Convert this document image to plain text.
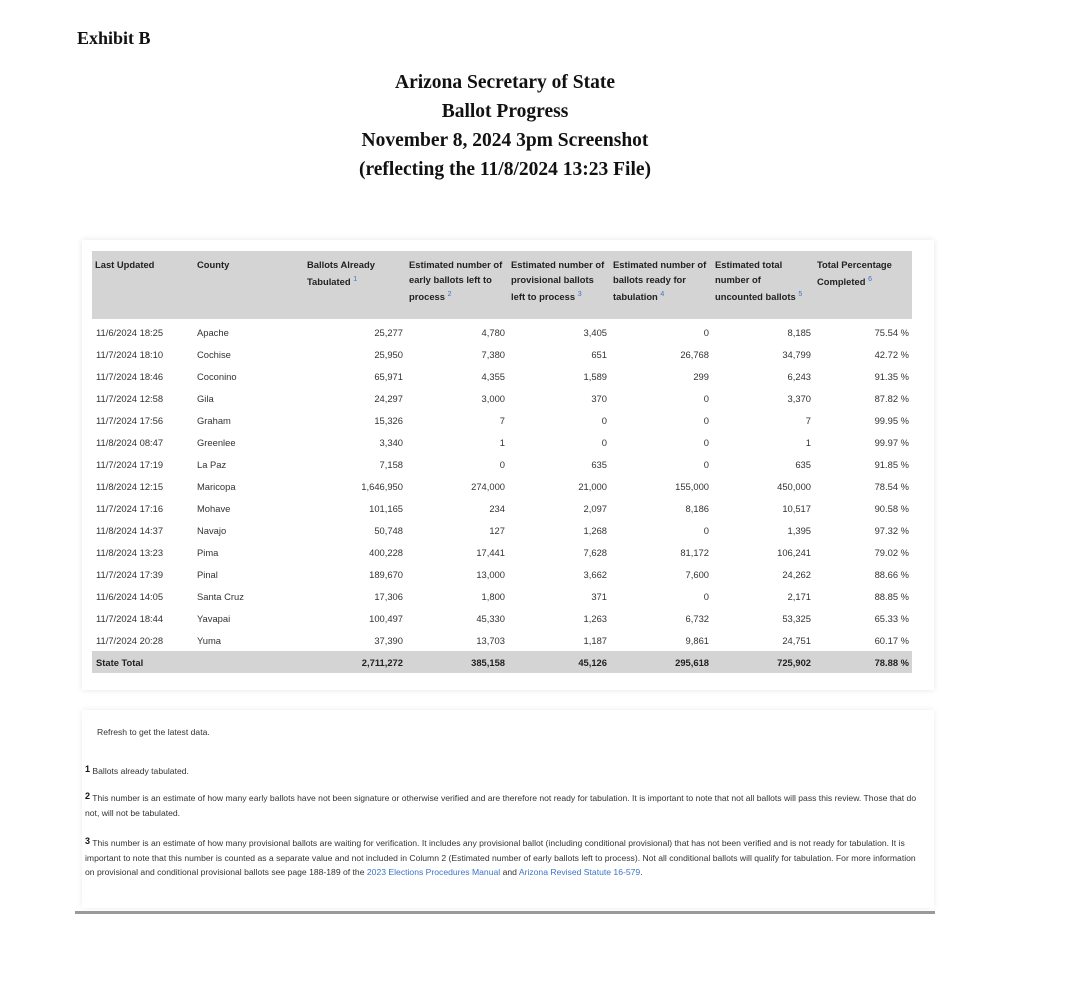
Exhibit B
Arizona Secretary of State
Ballot Progress
November 8, 2024 3pm Screenshot
(reflecting the 11/8/2024 13:23 File)
Last Updated	County	Ballots Already Tabulated $^1$	Estimated number of early ballots left to process $^2$	Estimated number of provisional ballots left to process $^3$	Estimated number of ballots ready for tabulation $^4$	Estimated total number of uncounted ballots $^5$	Total Percentage Completed $^6$
11/6/2024 18:25	Apache	25,277	4,780	3,405	0	8,185	75.54 %
11/7/2024 18:10	Cochise	25,950	7,380	651	26,768	34,799	42.72 %
11/7/2024 18:46	Coconino	65,971	4,355	1,589	299	6,243	91.35 %
11/7/2024 12:58	Gila	24,297	3,000	370	0	3,370	87.82 %
11/7/2024 17:56	Graham	15,326	7	0	0	7	99.95 %
11/8/2024 08:47	Greenlee	3,340	1	0	0	1	99.97 %
11/7/2024 17:19	La Paz	7,158	0	635	0	635	91.85 %
11/8/2024 12:15	Maricopa	1,646,950	274,000	21,000	155,000	450,000	78.54 %
11/7/2024 17:16	Mohave	101,165	234	2,097	8,186	10,517	90.58 %
11/8/2024 14:37	Navajo	50,748	127	1,268	0	1,395	97.32 %
11/8/2024 13:23	Pima	400,228	17,441	7,628	81,172	106,241	79.02 %
11/7/2024 17:39	Pinal	189,670	13,000	3,662	7,600	24,262	88.66 %
11/6/2024 14:05	Santa Cruz	17,306	1,800	371	0	2,171	88.85 %
11/7/2024 18:44	Yavapai	100,497	45,330	1,263	6,732	53,325	65.33 %
11/7/2024 20:28	Yuma	37,390	13,703	1,187	9,861	24,751	60.17 %
State Total		2,711,272	385,158	45,126	295,618	725,902	78.88 %
Refresh to get the latest data.
$^1$ Ballots already tabulated.
$^2$ This number is an estimate of how many early ballots have not been signature or otherwise verified and are therefore not ready for tabulation. It is important to note that not all ballots will pass this review. Those that do not, will not be tabulated.
$^3$ This number is an estimate of how many provisional ballots are waiting for verification. It includes any provisional ballot (including conditional provisional) that has not been verified and is not ready for tabulation. It is important to note that this number is counted as a separate value and not included in Column 2 (Estimated number of early ballots left to process). Not all conditional ballots will qualify for tabulation. For more information on provisional and conditional provisional ballots see page 188-189 of the 2023 Elections Procedures Manual and Arizona Revised Statute 16-579.
